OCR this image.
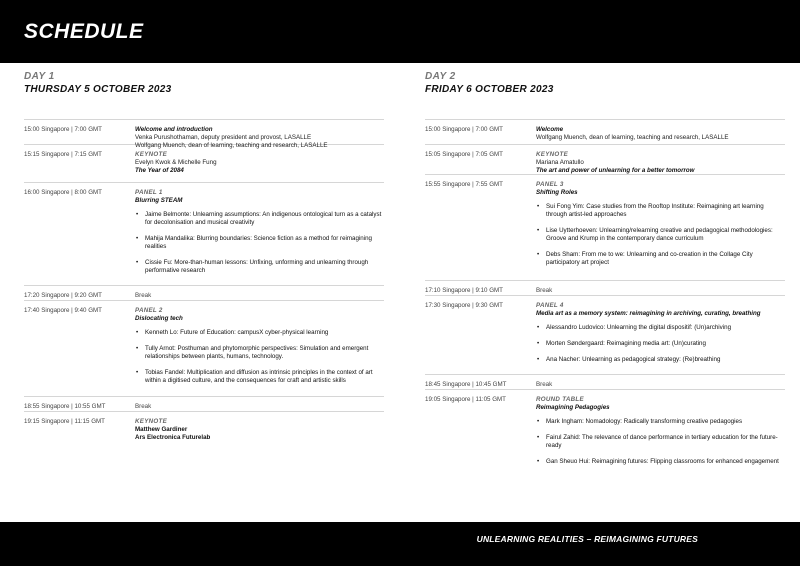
SCHEDULE
DAY 1
THURSDAY 5 OCTOBER 2023
15:00 Singapore | 7:00 GMT	Welcome and introduction
Venka Purushothaman, deputy president and provost, LASALLE
Wolfgang Muench, dean of learning, teaching and research, LASALLE
15:15 Singapore | 7:15 GMT	KEYNOTE
Evelyn Kwok & Michelle Fung
The Year of 2084
16:00 Singapore | 8:00 GMT	PANEL 1
Blurring STEAM
• Jaime Belmonte: Unlearning assumptions: An indigenous ontological turn as a catalyst for decolonisation and musical creativity
• Mahija Mandalika: Blurring boundaries: Science fiction as a method for reimagining realities
• Cissie Fu: More-than-human lessons: Unfixing, unforming and unlearning through performative research
17:20 Singapore | 9:20 GMT	Break
17:40 Singapore | 9:40 GMT	PANEL 2
Dislocating tech
• Kenneth Lo: Future of Education: campusX cyber-physical learning
• Tully Arnot: Posthuman and phytomorphic perspectives: Simulation and emergent relationships between plants, humans, technology.
• Tobias Fandel: Multiplication and diffusion as intrinsic principles in the context of art within a digitised culture, and the consequences for craft and artistic skills
18:55 Singapore | 10:55 GMT	Break
19:15 Singapore | 11:15 GMT	KEYNOTE
Matthew Gardiner
Ars Electronica Futurelab
DAY 2
FRIDAY 6 OCTOBER 2023
15:00 Singapore | 7:00 GMT	Welcome
Wolfgang Muench, dean of learning, teaching and research, LASALLE
15:05 Singapore | 7:05 GMT	KEYNOTE
Mariana Amatullo
The art and power of unlearning for a better tomorrow
15:55 Singapore | 7:55 GMT	PANEL 3
Shifting Roles
• Sui Fong Yim: Case studies from the Rooftop Institute: Reimagining art learning through artist-led approaches
• Lise Uytterhoeven: Unlearning/relearning creative and pedagogical methodologies: Groove and Krump in the contemporary dance curriculum
• Debs Sham: From me to we: Unlearning and co-creation in the Collage City participatory art project
17:10 Singapore | 9:10 GMT	Break
17:30 Singapore | 9:30 GMT	PANEL 4
Media art as a memory system: reimagining in archiving, curating, breathing
• Alessandro Ludovico: Unlearning the digital dispositif: (Un)archiving
• Morten Søndergaard: Reimagining media art: (Un)curating
• Ana Nacher: Unlearning as pedagogical strategy: (Re)breathing
18:45 Singapore | 10:45 GMT	Break
19:05 Singapore | 11:05 GMT	ROUND TABLE
Reimagining Pedagogies
• Mark Ingham: Nomadology: Radically transforming creative pedagogies
• Fairul Zahid: The relevance of dance performance in tertiary education for the future-ready
• Gan Sheuo Hui: Reimagining futures: Flipping classrooms for enhanced engagement
UNLEARNING REALITIES – REIMAGINING FUTURES
